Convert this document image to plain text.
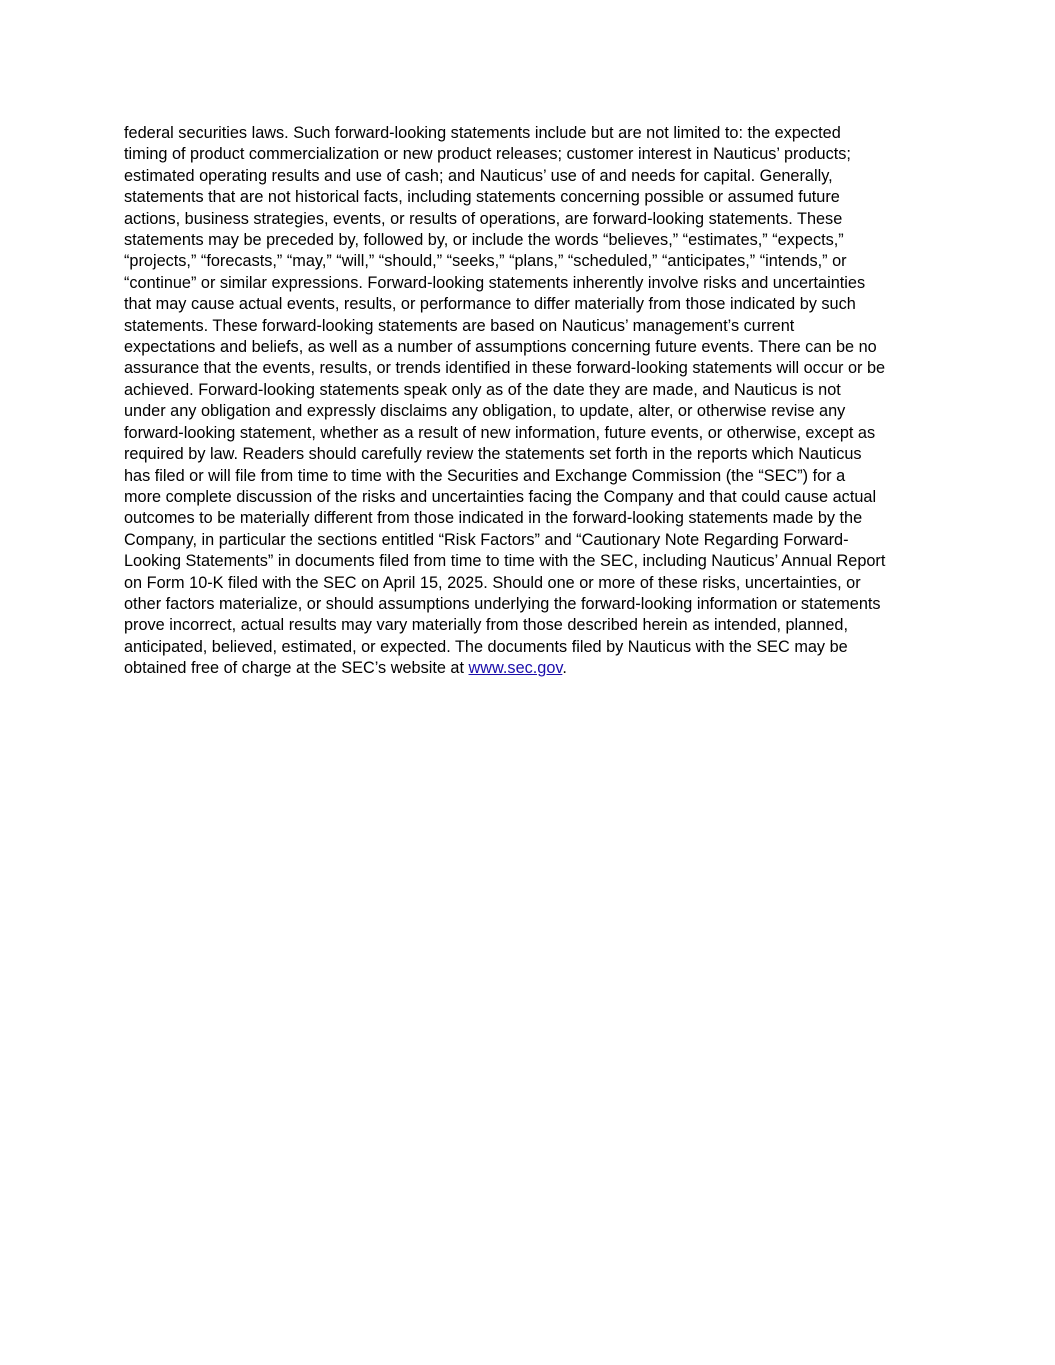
federal securities laws. Such forward-looking statements include but are not limited to: the expected
timing of product commercialization or new product releases; customer interest in Nauticus’ products;
estimated operating results and use of cash; and Nauticus’ use of and needs for capital. Generally,
statements that are not historical facts, including statements concerning possible or assumed future
actions, business strategies, events, or results of operations, are forward-looking statements. These
statements may be preceded by, followed by, or include the words “believes,” “estimates,” “expects,”
“projects,” “forecasts,” “may,” “will,” “should,” “seeks,” “plans,” “scheduled,” “anticipates,” “intends,” or
“continue” or similar expressions. Forward-looking statements inherently involve risks and uncertainties
that may cause actual events, results, or performance to differ materially from those indicated by such
statements. These forward-looking statements are based on Nauticus’ management’s current
expectations and beliefs, as well as a number of assumptions concerning future events. There can be no
assurance that the events, results, or trends identified in these forward-looking statements will occur or be
achieved. Forward-looking statements speak only as of the date they are made, and Nauticus is not
under any obligation and expressly disclaims any obligation, to update, alter, or otherwise revise any
forward-looking statement, whether as a result of new information, future events, or otherwise, except as
required by law. Readers should carefully review the statements set forth in the reports which Nauticus
has filed or will file from time to time with the Securities and Exchange Commission (the “SEC”) for a
more complete discussion of the risks and uncertainties facing the Company and that could cause actual
outcomes to be materially different from those indicated in the forward-looking statements made by the
Company, in particular the sections entitled “Risk Factors” and “Cautionary Note Regarding Forward-
Looking Statements” in documents filed from time to time with the SEC, including Nauticus’ Annual Report
on Form 10-K filed with the SEC on April 15, 2025. Should one or more of these risks, uncertainties, or
other factors materialize, or should assumptions underlying the forward-looking information or statements
prove incorrect, actual results may vary materially from those described herein as intended, planned,
anticipated, believed, estimated, or expected. The documents filed by Nauticus with the SEC may be
obtained free of charge at the SEC’s website at www.sec.gov.
